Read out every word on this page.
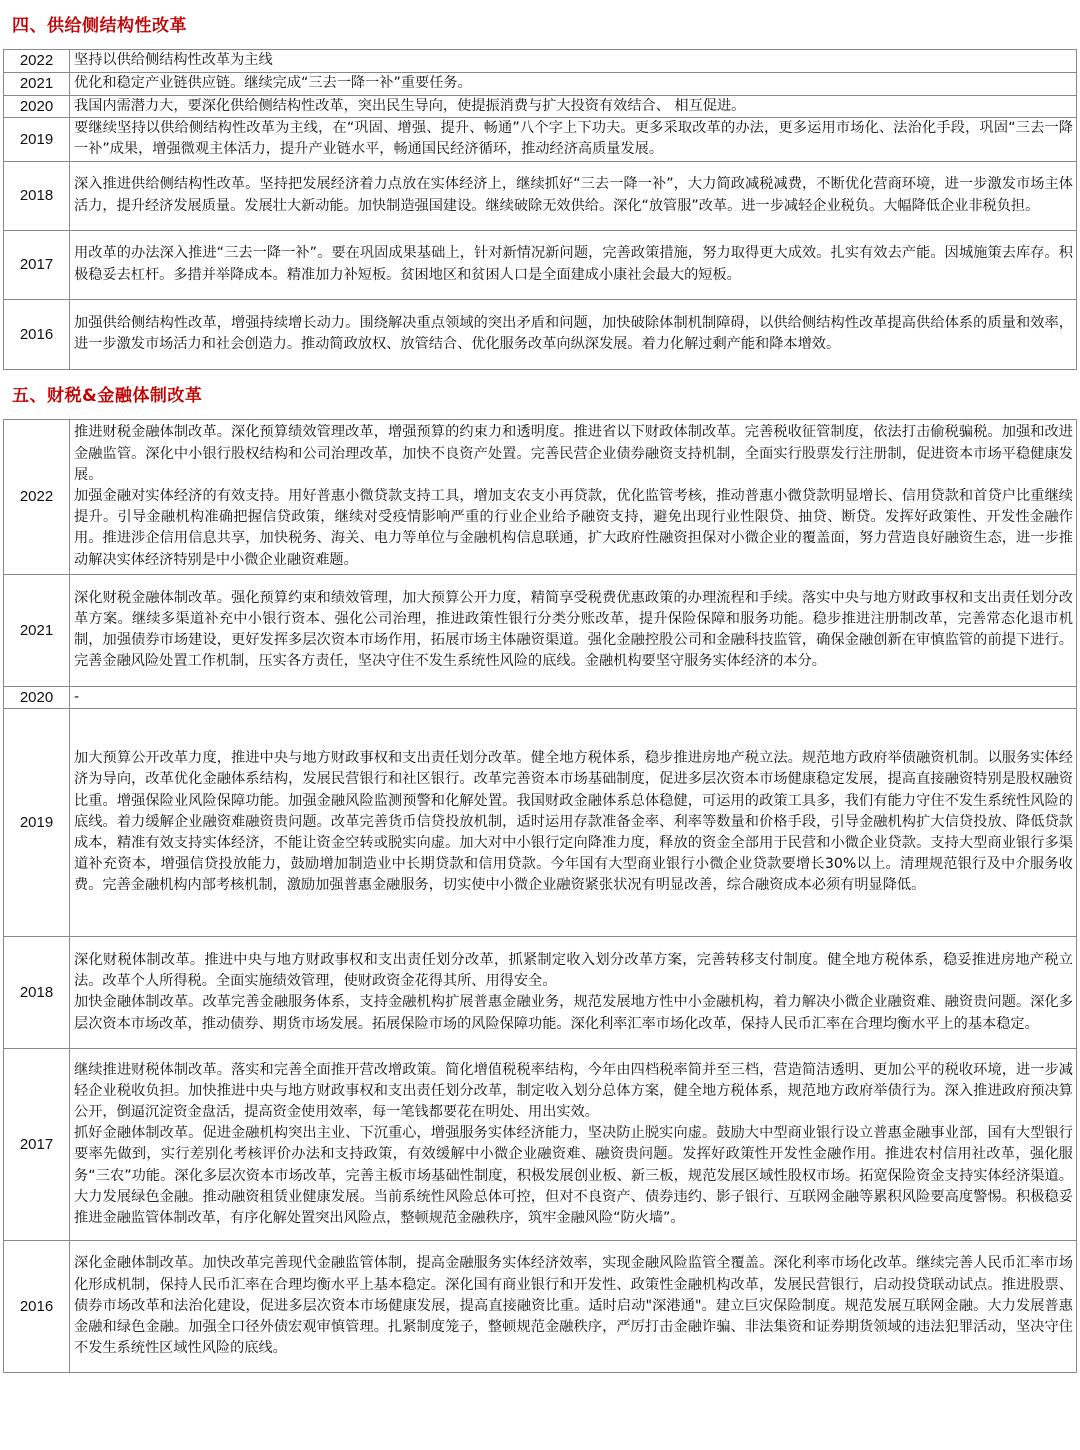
四、供给侧结构性改革
2022	坚持以供给侧结构性改革为主线

2021	优化和稳定产业链供应链。继续完成“三去一降一补”重要任务。

2020	我国内需潜力大，要深化供给侧结构性改革，突出民生导向，使提振消费与扩大投资有效结合、 相互促进。

2019	要继续坚持以供给侧结构性改革为主线，在“巩固、增强、提升、畅通”八个字上下功夫。更多采取改革的办法，更多运用市场化、法治化手段，巩固“三去一降一补”成果，增强微观主体活力，提升产业链水平，畅通国民经济循环，推动经济高质量发展。

2018	深入推进供给侧结构性改革。坚持把发展经济着力点放在实体经济上，继续抓好“三去一降一补”，大力简政减税减费，不断优化营商环境，进一步激发市场主体活力，提升经济发展质量。发展壮大新动能。加快制造强国建设。继续破除无效供给。深化“放管服”改革。进一步减轻企业税负。大幅降低企业非税负担。

2017	用改革的办法深入推进“三去一降一补”。要在巩固成果基础上，针对新情况新问题，完善政策措施，努力取得更大成效。扎实有效去产能。因城施策去库存。积极稳妥去杠杆。多措并举降成本。精准加力补短板。贫困地区和贫困人口是全面建成小康社会最大的短板。

2016	加强供给侧结构性改革，增强持续增长动力。围绕解决重点领域的突出矛盾和问题，加快破除体制机制障碍，以供给侧结构性改革提高供给体系的质量和效率，进一步激发市场活力和社会创造力。推动简政放权、放管结合、优化服务改革向纵深发展。着力化解过剩产能和降本增效。
五、财税&金融体制改革
2022	推进财税金融体制改革。深化预算绩效管理改革，增强预算的约束力和透明度。推进省以下财政体制改革。完善税收征管制度，依法打击偷税骗税。加强和改进金融监管。深化中小银行股权结构和公司治理改革，加快不良资产处置。完善民营企业债券融资支持机制，全面实行股票发行注册制，促进资本市场平稳健康发展。
加强金融对实体经济的有效支持。用好普惠小微贷款支持工具，增加支农支小再贷款，优化监管考核，推动普惠小微贷款明显增长、信用贷款和首贷户比重继续提升。引导金融机构准确把握信贷政策，继续对受疫情影响严重的行业企业给予融资支持，避免出现行业性限贷、抽贷、断贷。发挥好政策性、开发性金融作用。推进涉企信用信息共享，加快税务、海关、电力等单位与金融机构信息联通，扩大政府性融资担保对小微企业的覆盖面，努力营造良好融资生态，进一步推动解决实体经济特别是中小微企业融资难题。

2021	深化财税金融体制改革。强化预算约束和绩效管理，加大预算公开力度，精简享受税费优惠政策的办理流程和手续。落实中央与地方财政事权和支出责任划分改革方案。继续多渠道补充中小银行资本、强化公司治理，推进政策性银行分类分账改革，提升保险保障和服务功能。稳步推进注册制改革，完善常态化退市机制，加强债券市场建设，更好发挥多层次资本市场作用，拓展市场主体融资渠道。强化金融控股公司和金融科技监管，确保金融创新在审慎监管的前提下进行。完善金融风险处置工作机制，压实各方责任，坚决守住不发生系统性风险的底线。金融机构要坚守服务实体经济的本分。

2020	-

2019	加大预算公开改革力度，推进中央与地方财政事权和支出责任划分改革。健全地方税体系，稳步推进房地产税立法。规范地方政府举债融资机制。以服务实体经济为导向，改革优化金融体系结构，发展民营银行和社区银行。改革完善资本市场基础制度，促进多层次资本市场健康稳定发展，提高直接融资特别是股权融资比重。增强保险业风险保障功能。加强金融风险监测预警和化解处置。我国财政金融体系总体稳健，可运用的政策工具多，我们有能力守住不发生系统性风险的底线。着力缓解企业融资难融资贵问题。改革完善货币信贷投放机制，适时运用存款准备金率、利率等数量和价格手段，引导金融机构扩大信贷投放、降低贷款成本，精准有效支持实体经济，不能让资金空转或脱实向虚。加大对中小银行定向降准力度，释放的资金全部用于民营和小微企业贷款。支持大型商业银行多渠道补充资本，增强信贷投放能力，鼓励增加制造业中长期贷款和信用贷款。今年国有大型商业银行小微企业贷款要增长30%以上。清理规范银行及中介服务收费。完善金融机构内部考核机制，激励加强普惠金融服务，切实使中小微企业融资紧张状况有明显改善，综合融资成本必须有明显降低。

2018	深化财税体制改革。推进中央与地方财政事权和支出责任划分改革，抓紧制定收入划分改革方案，完善转移支付制度。健全地方税体系，稳妥推进房地产税立法。改革个人所得税。全面实施绩效管理，使财政资金花得其所、用得安全。
加快金融体制改革。改革完善金融服务体系，支持金融机构扩展普惠金融业务，规范发展地方性中小金融机构，着力解决小微企业融资难、融资贵问题。深化多层次资本市场改革，推动债券、期货市场发展。拓展保险市场的风险保障功能。深化利率汇率市场化改革，保持人民币汇率在合理均衡水平上的基本稳定。

2017	继续推进财税体制改革。落实和完善全面推开营改增政策。简化增值税税率结构，今年由四档税率简并至三档，营造简洁透明、更加公平的税收环境，进一步减轻企业税收负担。加快推进中央与地方财政事权和支出责任划分改革，制定收入划分总体方案，健全地方税体系，规范地方政府举债行为。深入推进政府预决算公开，倒逼沉淀资金盘活，提高资金使用效率，每一笔钱都要花在明处、用出实效。
抓好金融体制改革。促进金融机构突出主业、下沉重心，增强服务实体经济能力，坚决防止脱实向虚。鼓励大中型商业银行设立普惠金融事业部，国有大型银行要率先做到，实行差别化考核评价办法和支持政策，有效缓解中小微企业融资难、融资贵问题。发挥好政策性开发性金融作用。推进农村信用社改革，强化服务“三农”功能。深化多层次资本市场改革，完善主板市场基础性制度，积极发展创业板、新三板，规范发展区域性股权市场。拓宽保险资金支持实体经济渠道。大力发展绿色金融。推动融资租赁业健康发展。当前系统性风险总体可控，但对不良资产、债券违约、影子银行、互联网金融等累积风险要高度警惕。积极稳妥推进金融监管体制改革，有序化解处置突出风险点，整顿规范金融秩序，筑牢金融风险“防火墙”。

2016	深化金融体制改革。加快改革完善现代金融监管体制，提高金融服务实体经济效率，实现金融风险监管全覆盖。深化利率市场化改革。继续完善人民币汇率市场化形成机制，保持人民币汇率在合理均衡水平上基本稳定。深化国有商业银行和开发性、政策性金融机构改革，发展民营银行，启动投贷联动试点。推进股票、债券市场改革和法治化建设，促进多层次资本市场健康发展，提高直接融资比重。适时启动"深港通"。建立巨灾保险制度。规范发展互联网金融。大力发展普惠金融和绿色金融。加强全口径外债宏观审慎管理。扎紧制度笼子，整顿规范金融秩序，严厉打击金融诈骗、非法集资和证券期货领域的违法犯罪活动，坚决守住不发生系统性区域性风险的底线。
